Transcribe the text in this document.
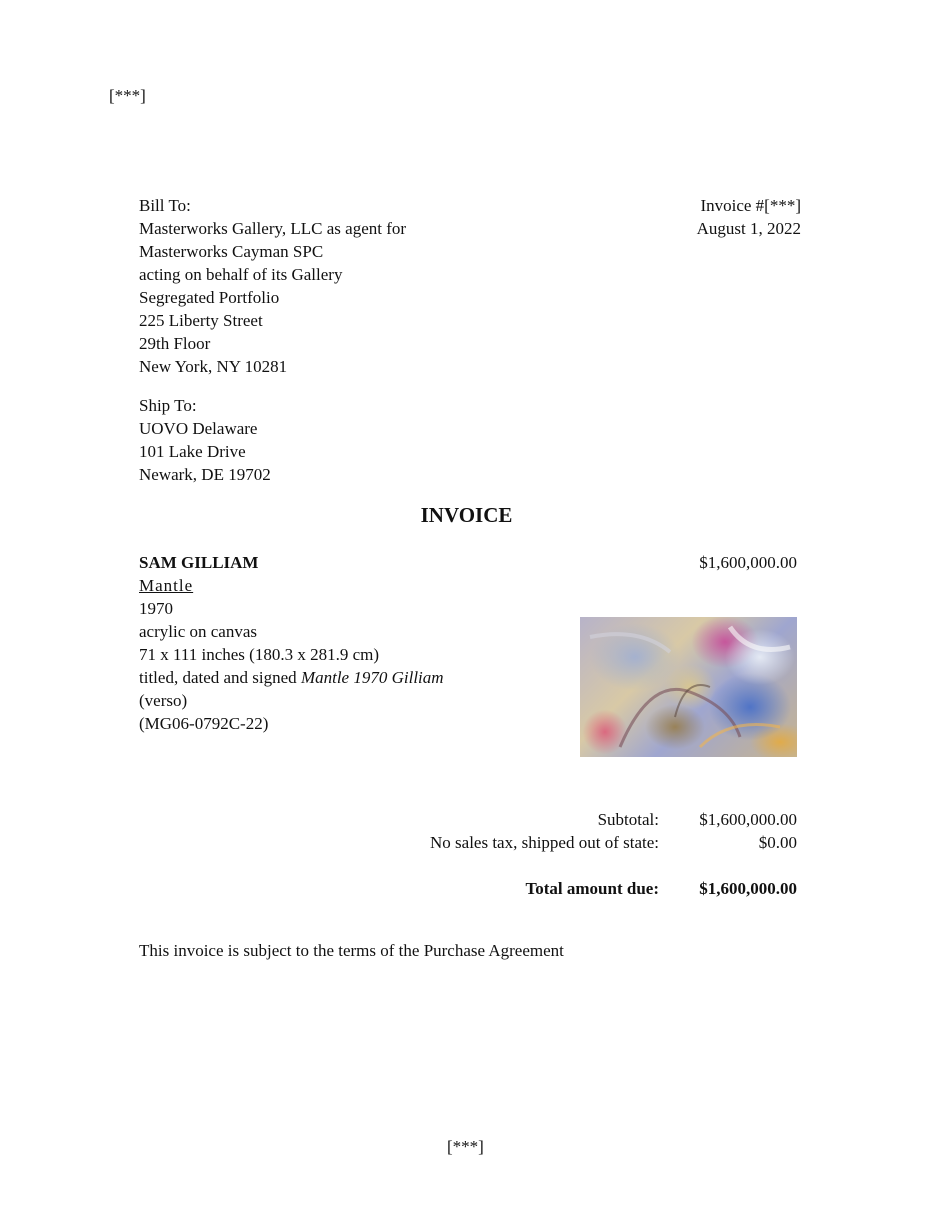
[***]
Bill To:
Masterworks Gallery, LLC as agent for
Masterworks Cayman SPC
acting on behalf of its Gallery
Segregated Portfolio
225 Liberty Street
29th Floor
New York, NY 10281
Invoice #[***]
August 1, 2022
Ship To:
UOVO Delaware
101 Lake Drive
Newark, DE 19702
INVOICE
SAM GILLIAM
Mantle
1970
acrylic on canvas
71 x 111 inches (180.3 x 281.9 cm)
titled, dated and signed Mantle 1970 Gilliam
(verso)
(MG06-0792C-22)
$1,600,000.00
Subtotal: $1,600,000.00
No sales tax, shipped out of state:	$0.00
Total amount due: $1,600,000.00
This invoice is subject to the terms of the Purchase Agreement
[***]
